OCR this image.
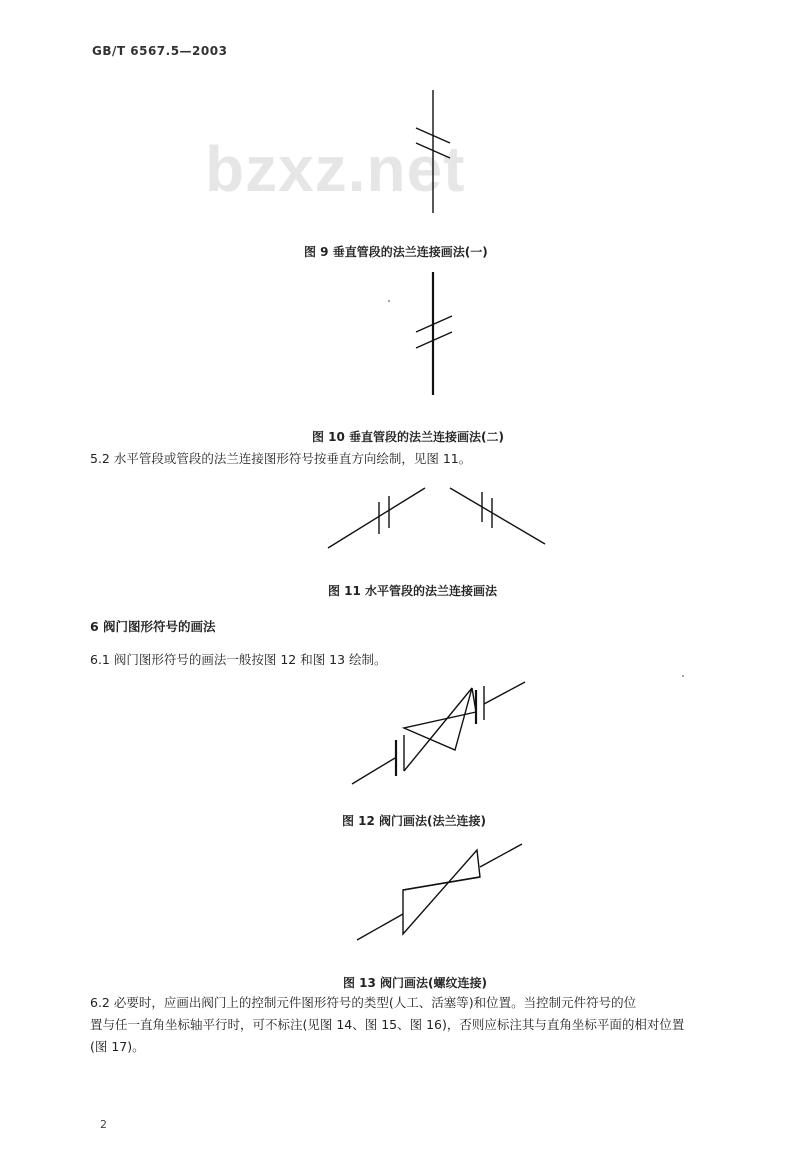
GB/T 6567.5—2003
bzxz.net
图 9 垂直管段的法兰连接画法(一)
图 10 垂直管段的法兰连接画法(二)
5.2 水平管段或管段的法兰连接图形符号按垂直方向绘制，见图 11。
图 11 水平管段的法兰连接画法
6 阀门图形符号的画法
6.1 阀门图形符号的画法一般按图 12 和图 13 绘制。
图 12 阀门画法(法兰连接)
图 13 阀门画法(螺纹连接)
6.2 必要时，应画出阀门上的控制元件图形符号的类型(人工、活塞等)和位置。当控制元件符号的位
置与任一直角坐标轴平行时，可不标注(见图 14、图 15、图 16)，否则应标注其与直角坐标平面的相对位置
(图 17)。
2
